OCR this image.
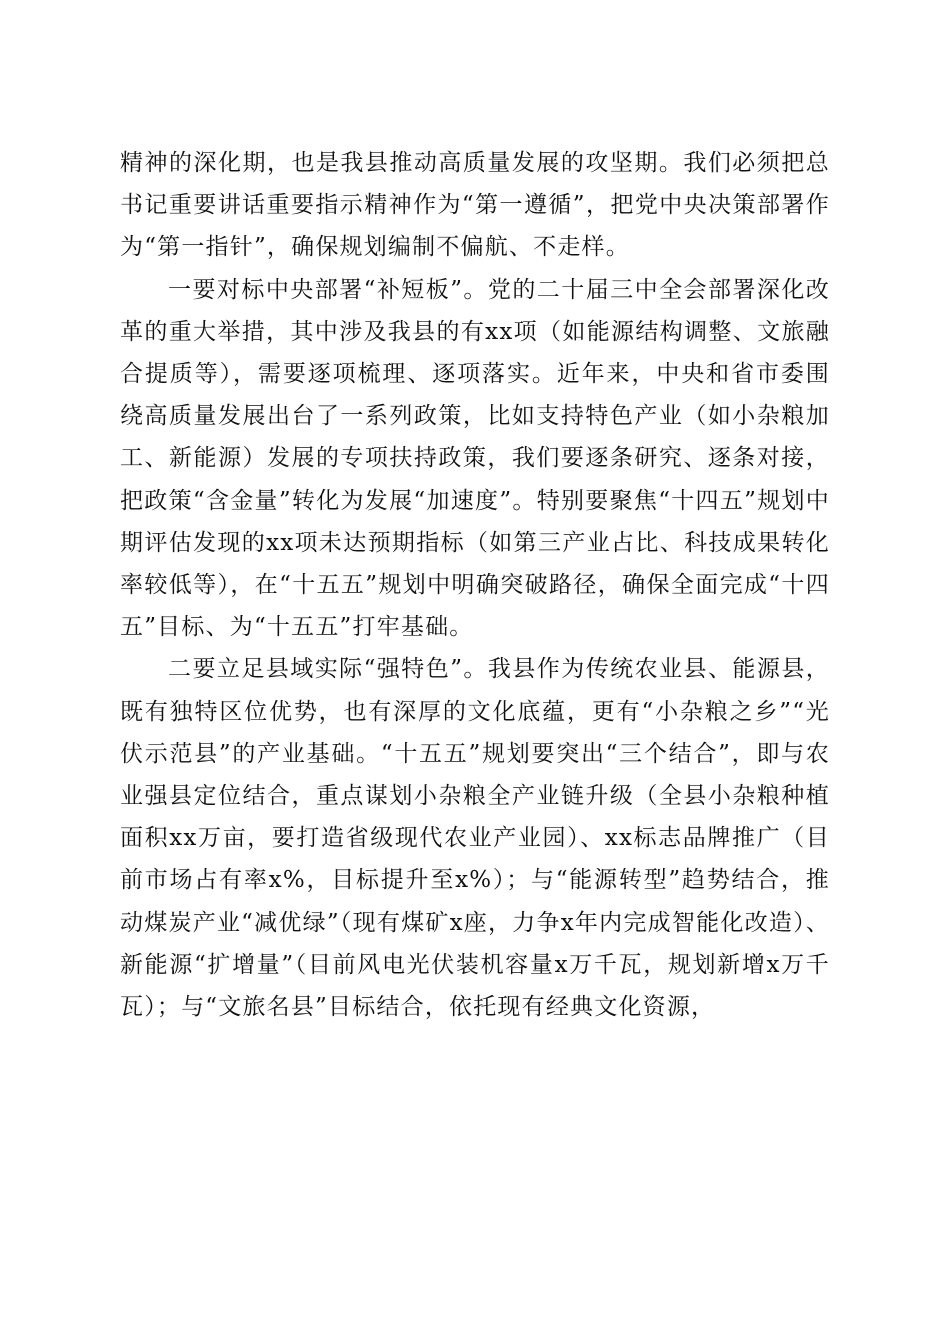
精神的深化期，也是我县推动高质量发展的攻坚期。我们必须把总书记重要讲话重要指示精神作为“第一遵循”，把党中央决策部署作为“第一指针”，确保规划编制不偏航、不走样。

一要对标中央部署“补短板”。党的二十届三中全会部署深化改革的重大举措，其中涉及我县的有xx项（如能源结构调整、文旅融合提质等），需要逐项梳理、逐项落实。近年来，中央和省市委围绕高质量发展出台了一系列政策，比如支持特色产业（如小杂粮加工、新能源）发展的专项扶持政策，我们要逐条研究、逐条对接，把政策“含金量”转化为发展“加速度”。特别要聚焦“十四五”规划中期评估发现的xx项未达预期指标（如第三产业占比、科技成果转化率较低等），在“十五五”规划中明确突破路径，确保全面完成“十四五”目标、为“十五五”打牢基础。

二要立足县域实际“强特色”。我县作为传统农业县、能源县，既有独特区位优势，也有深厚的文化底蕴，更有“小杂粮之乡”“光伏示范县”的产业基础。“十五五”规划要突出“三个结合”，即与农业强县定位结合，重点谋划小杂粮全产业链升级（全县小杂粮种植面积xx万亩，要打造省级现代农业产业园）、xx标志品牌推广（目前市场占有率x%，目标提升至x%）；与“能源转型”趋势结合，推动煤炭产业“减优绿”（现有煤矿x座，力争x年内完成智能化改造）、新能源“扩增量”（目前风电光伏装机容量x万千瓦，规划新增x万千瓦）；与“文旅名县”目标结合，依托现有经典文化资源，
